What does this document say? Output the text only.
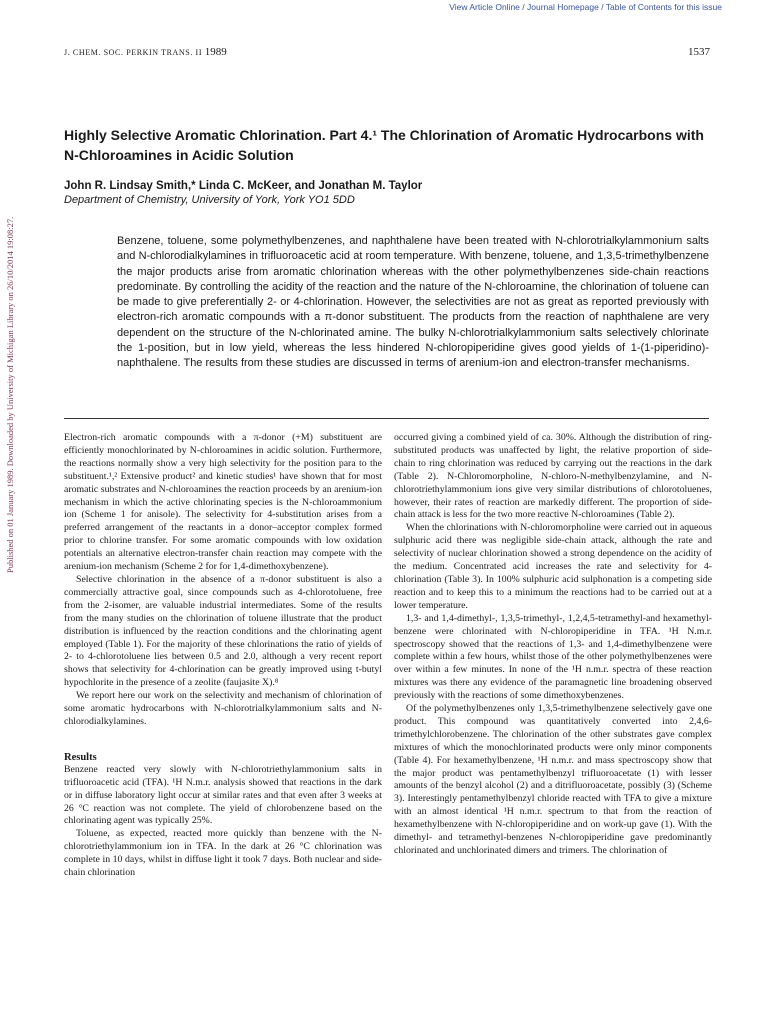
View Article Online / Journal Homepage / Table of Contents for this issue
Published on 01 January 1989. Downloaded by University of Michigan Library on 26/10/2014 19:08:27.
J. CHEM. SOC. PERKIN TRANS. II 1989	1537
Highly Selective Aromatic Chlorination. Part 4.¹ The Chlorination of Aromatic Hydrocarbons with N-Chloroamines in Acidic Solution
John R. Lindsay Smith,* Linda C. McKeer, and Jonathan M. Taylor
Department of Chemistry, University of York, York YO1 5DD

Benzene, toluene, some polymethylbenzenes, and naphthalene have been treated with N-chlorotrialkylammonium salts and N-chlorodialkylamines in trifluoroacetic acid at room temperature. With benzene, toluene, and 1,3,5-trimethylbenzene the major products arise from aromatic chlorination whereas with the other polymethylbenzenes side-chain reactions predominate. By controlling the acidity of the reaction and the nature of the N-chloroamine, the chlorination of toluene can be made to give preferentially 2- or 4-chlorination. However, the selectivities are not as great as reported previously with electron-rich aromatic compounds with a π-donor substituent. The products from the reaction of naphthalene are very dependent on the structure of the N-chlorinated amine. The bulky N-chlorotrialkylammonium salts selectively chlorinate the 1-position, but in low yield, whereas the less hindered N-chloropiperidine gives good yields of 1-(1-piperidino)-naphthalene. The results from these studies are discussed in terms of arenium-ion and electron-transfer mechanisms.

Electron-rich aromatic compounds with a π-donor (+M) substituent are efficiently monochlorinated by N-chloroamines in acidic solution. Furthermore, the reactions normally show a very high selectivity for the position para to the substituent.¹,² Extensive product² and kinetic studies¹ have shown that for most aromatic substrates and N-chloroamines the reaction proceeds by an arenium-ion mechanism in which the active chlorinating species is the N-chloroammonium ion (Scheme 1 for anisole). The selectivity for 4-substitution arises from a preferred arrangement of the reactants in a donor–acceptor complex formed prior to chlorine transfer. For some aromatic compounds with low oxidation potentials an alternative electron-transfer chain reaction may compete with the arenium-ion mechanism (Scheme 2 for for 1,4-dimethoxybenzene).

Selective chlorination in the absence of a π-donor substituent is also a commercially attractive goal, since compounds such as 4-chlorotoluene, free from the 2-isomer, are valuable industrial intermediates. Some of the results from the many studies on the chlorination of toluene illustrate that the product distribution is influenced by the reaction conditions and the chlorinating agent employed (Table 1). For the majority of these chlorinations the ratio of yields of 2- to 4-chlorotoluene lies between 0.5 and 2.0, although a very recent report shows that selectivity for 4-chlorination can be greatly improved using t-butyl hypochlorite in the presence of a zeolite (faujasite X).⁸

We report here our work on the selectivity and mechanism of chlorination of some aromatic hydrocarbons with N-chlorotrialkylammonium salts and N-chlorodialkylamines.

Results

Benzene reacted very slowly with N-chlorotriethylammonium salts in trifluoroacetic acid (TFA). ¹H N.m.r. analysis showed that reactions in the dark or in diffuse laboratory light occur at similar rates and that even after 3 weeks at 26 °C reaction was not complete. The yield of chlorobenzene based on the chlorinating agent was typically 25%.

Toluene, as expected, reacted more quickly than benzene with the N-chlorotriethylammonium ion in TFA. In the dark at 26 °C chlorination was complete in 10 days, whilst in diffuse light it took 7 days. Both nuclear and side-chain chlorination

occurred giving a combined yield of ca. 30%. Although the distribution of ring-substituted products was unaffected by light, the relative proportion of side-chain to ring chlorination was reduced by carrying out the reactions in the dark (Table 2). N-Chloromorpholine, N-chloro-N-methylbenzylamine, and N-chlorotriethylammonium ions give very similar distributions of chlorotoluenes, however, their rates of reaction are markedly different. The proportion of side-chain attack is less for the two more reactive N-chloroamines (Table 2).

When the chlorinations with N-chloromorpholine were carried out in aqueous sulphuric acid there was negligible side-chain attack, although the rate and selectivity of nuclear chlorination showed a strong dependence on the acidity of the medium. Concentrated acid increases the rate and selectivity for 4-chlorination (Table 3). In 100% sulphuric acid sulphonation is a competing side reaction and to keep this to a minimum the reactions had to be carried out at a lower temperature.

1,3- and 1,4-dimethyl-, 1,3,5-trimethyl-, 1,2,4,5-tetramethyl-and hexamethyl-benzene were chlorinated with N-chloropiperidine in TFA. ¹H N.m.r. spectroscopy showed that the reactions of 1,3- and 1,4-dimethylbenzene were complete within a few hours, whilst those of the other polymethylbenzenes were over within a few minutes. In none of the ¹H n.m.r. spectra of these reaction mixtures was there any evidence of the paramagnetic line broadening observed previously with the reactions of some dimethoxybenzenes.

Of the polymethylbenzenes only 1,3,5-trimethylbenzene selectively gave one product. This compound was quantitatively converted into 2,4,6-trimethylchlorobenzene. The chlorination of the other substrates gave complex mixtures of which the monochlorinated products were only minor components (Table 4). For hexamethylbenzene, ¹H n.m.r. and mass spectroscopy show that the major product was pentamethylbenzyl trifluoroacetate (1) with lesser amounts of the benzyl alcohol (2) and a ditrifluoroacetate, possibly (3) (Scheme 3). Interestingly pentamethylbenzyl chloride reacted with TFA to give a mixture with an almost identical ¹H n.m.r. spectrum to that from the reaction of hexamethylbenzene with N-chloropiperidine and on work-up gave (1). With the dimethyl- and tetramethyl-benzenes N-chloropiperidine gave predominantly chlorinated and unchlorinated dimers and trimers. The chlorination of
